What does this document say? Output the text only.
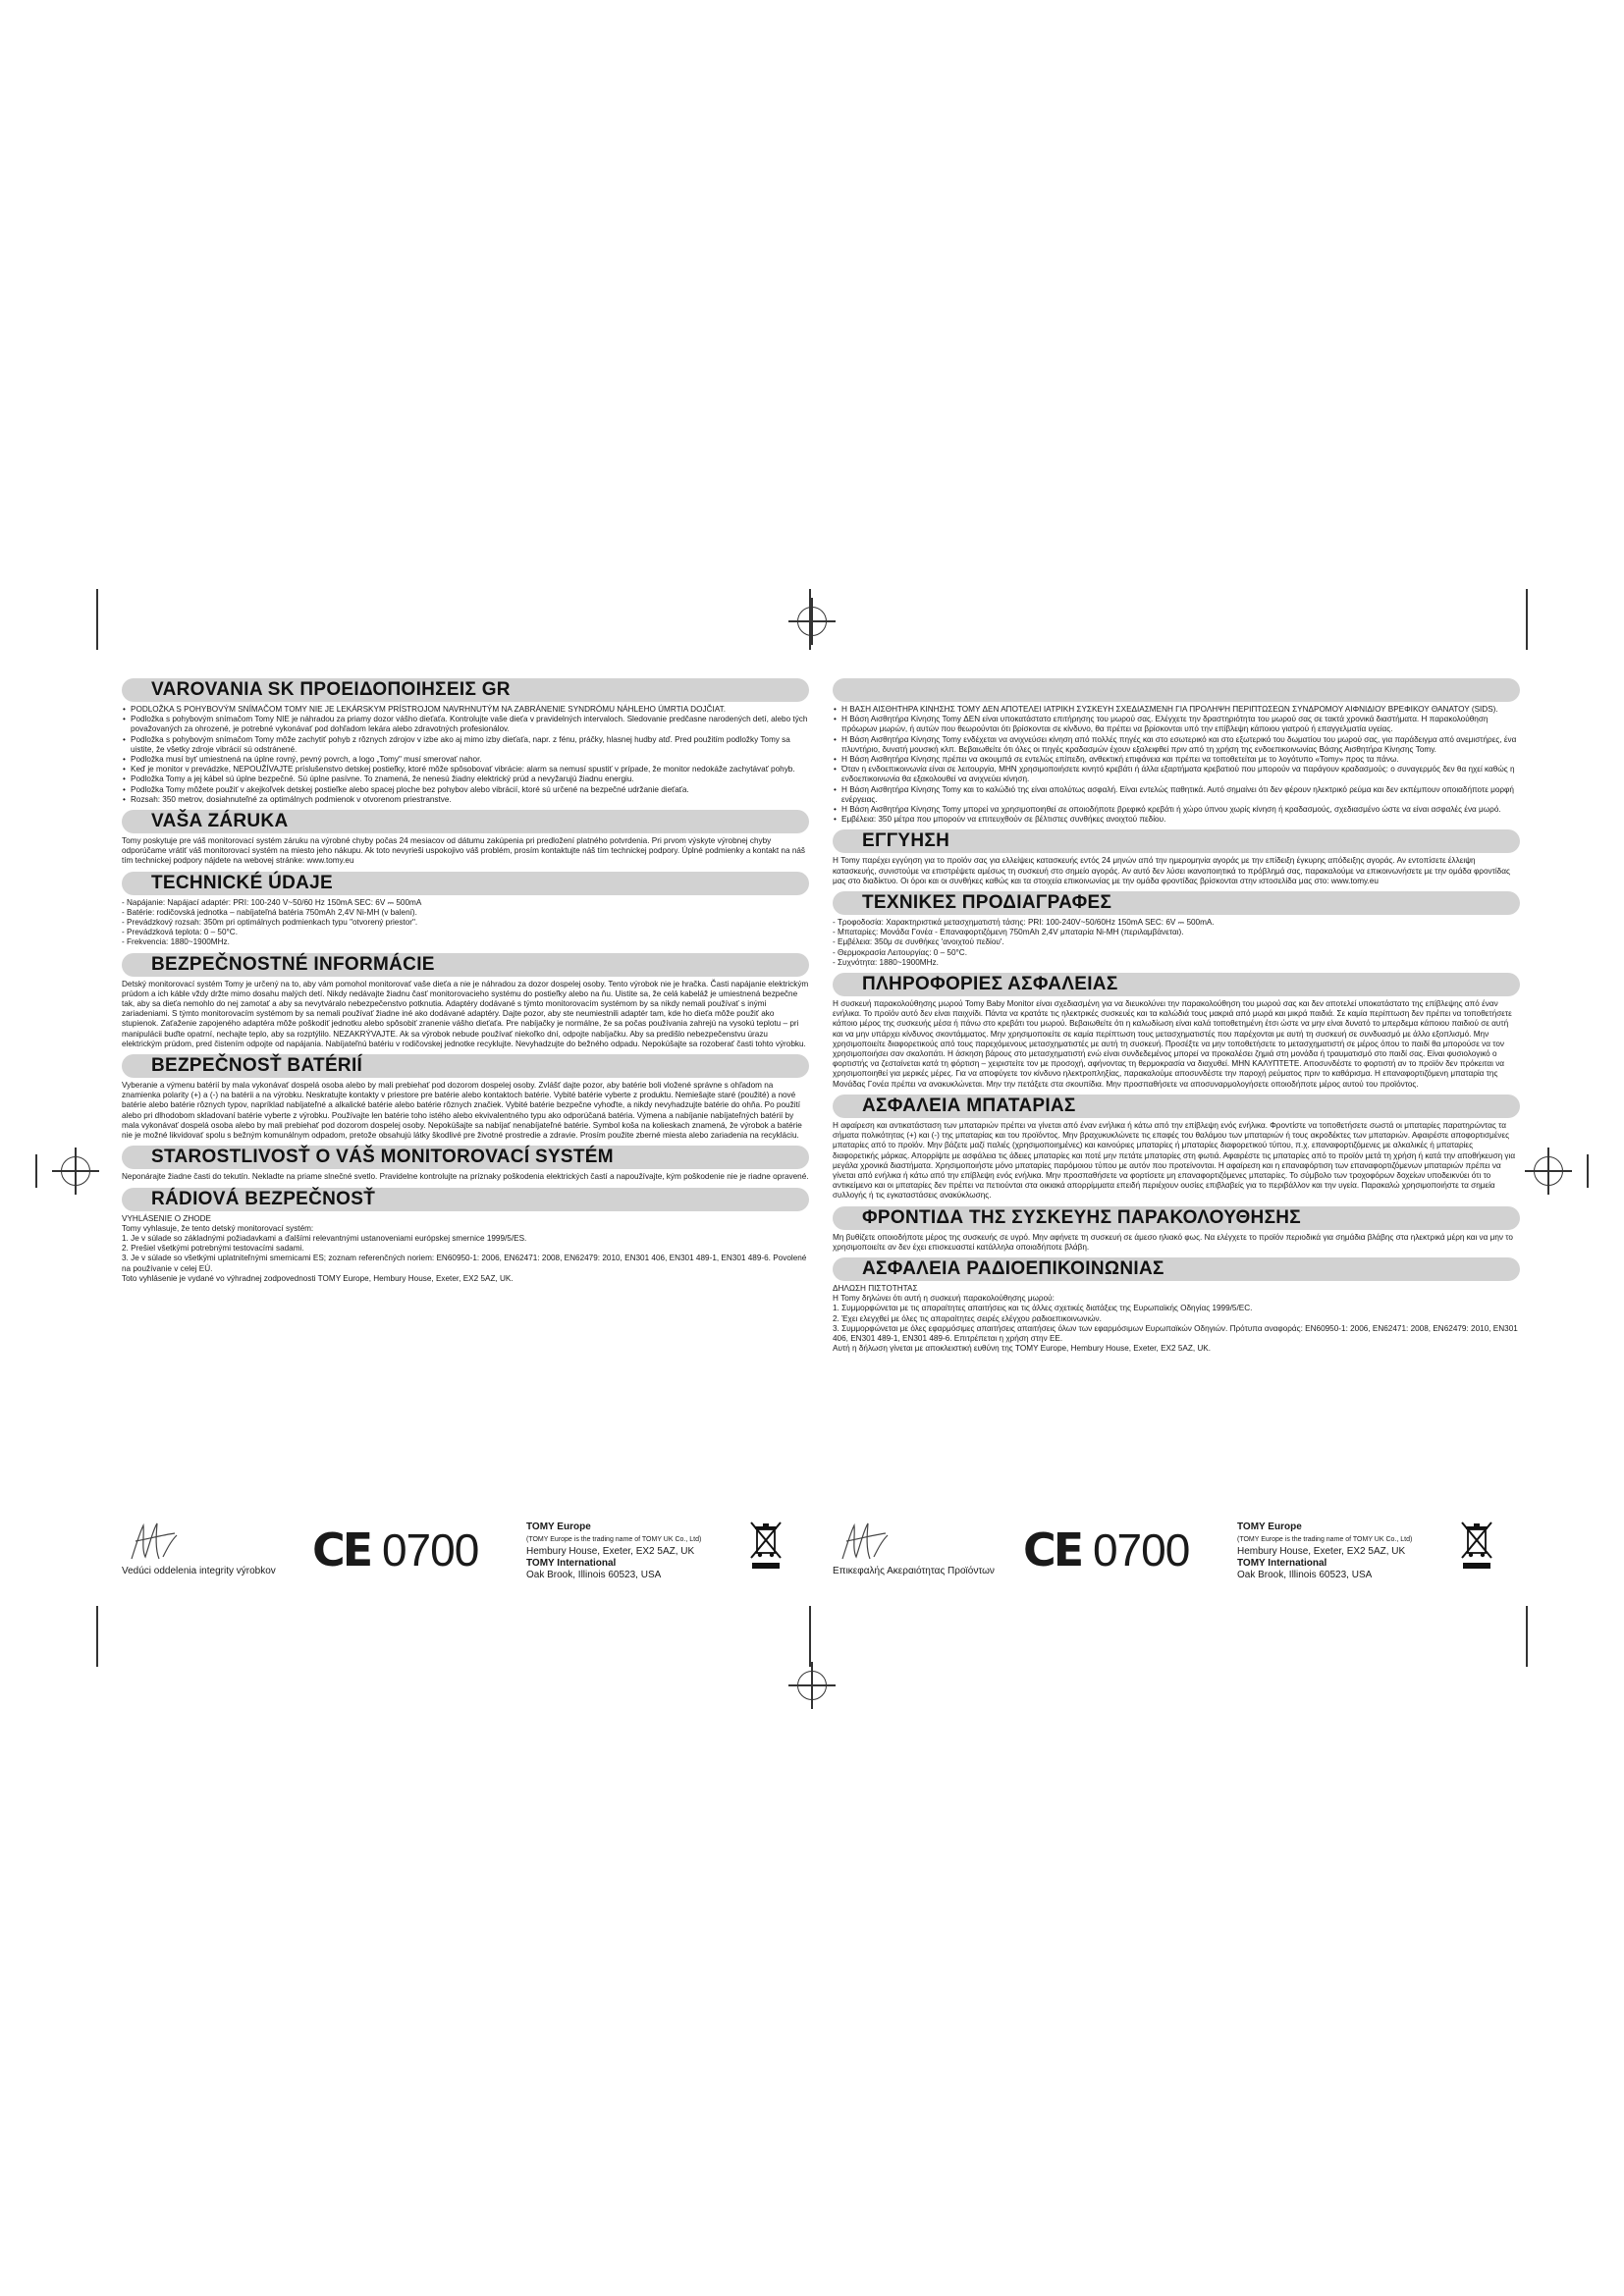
VAROVANIA SK ΠΡΟΕΙΔΟΠΟΙΗΣΕΙΣ GR
• PODLOŽKA S POHYBOVÝM SNÍMAČOM TOMY NIE JE LEKÁRSKYM PRÍSTROJOM NAVRHNUTÝM NA ZABRÁNENIE SYNDRÓMU NÁHLEHO ÚMRTIA DOJČIAT.
• Podložka s pohybovým snímačom Tomy NIE je náhradou za priamy dozor vášho dieťaťa. Kontrolujte vaše dieťa v pravidelných intervaloch. Sledovanie predčasne narodených detí, alebo tých považovaných za ohrozené, je potrebné vykonávať pod dohľadom lekára alebo zdravotných profesionálov.
• Podložka s pohybovým snímačom Tomy môže zachytiť pohyb z rôznych zdrojov v izbe ako aj mimo izby dieťaťa, napr. z fénu, práčky, hlasnej hudby atď. Pred použitím podložky Tomy sa uistite, že všetky zdroje vibrácií sú odstránené.
• Podložka musí byť umiestnená na úplne rovný, pevný povrch, a logo „Tomy" musí smerovať nahor.
• Keď je monitor v prevádzke, NEPOUŽÍVAJTE príslušenstvo detskej postieľky, ktoré môže spôsobovať vibrácie: alarm sa nemusí spustiť v prípade, že monitor nedokáže zachytávať pohyb.
• Podložka Tomy a jej kábel sú úplne bezpečné. Sú úplne pasívne. To znamená, že nenesú žiadny elektrický prúd a nevyžarujú žiadnu energiu.
• Podložka Tomy môžete použiť v akejkoľvek detskej postieľke alebo spacej ploche bez pohybov alebo vibrácií, ktoré sú určené na bezpečné udržanie dieťaťa.
• Rozsah: 350 metrov, dosiahnuteľné za optimálnych podmienok v otvorenom priestranstve.
VAŠA ZÁRUKA
Tomy poskytuje pre váš monitorovací systém záruku na výrobné chyby počas 24 mesiacov od dátumu zakúpenia pri predložení platného potvrdenia. Pri prvom výskyte výrobnej chyby odporúčame vrátiť váš monitorovací systém na miesto jeho nákupu. Ak toto nevyrieši uspokojivo váš problém, prosím kontaktujte náš tím technickej podpory. Úplné podmienky a kontakt na náš tím technickej podpory nájdete na webovej stránke: www.tomy.eu
TECHNICKÉ ÚDAJE

- Napájanie: Napájací adaptér: PRI: 100-240 V~50/60 Hz 150mA SEC: 6V ⎓ 500mA

- Batérie: rodičovská jednotka – nabíjateľná batéria 750mAh 2,4V Ni-MH (v balení).

- Prevádzkový rozsah: 350m pri optimálnych podmienkach typu "otvorený priestor".

- Prevádzková teplota: 0 – 50°C.

- Frekvencia: 1880~1900MHz.

BEZPEČNOSTNÉ INFORMÁCIE
Detský monitorovací systém Tomy je určený na to, aby vám pomohol monitorovať vaše dieťa a nie je náhradou za dozor dospelej osoby. Tento výrobok nie je hračka. Časti napájanie elektrickým prúdom a ich káble vždy držte mimo dosahu malých detí. Nikdy nedávajte žiadnu časť monitorovacieho systému do postieľky alebo na ňu. Uistite sa, že celá kabeláž je umiestnená bezpečne tak, aby sa dieťa nemohlo do nej zamotať a aby sa nevytváralo nebezpečenstvo potknutia. Adaptéry dodávané s týmto monitorovacím systémom by sa nikdy nemali používať s inými zariadeniami. S týmto monitorovacím systémom by sa nemali používať žiadne iné ako dodávané adaptéry. Dajte pozor, aby ste neumiestnili adaptér tam, kde ho dieťa môže použiť ako stupienok. Zaťaženie zapojeného adaptéra môže poškodiť jednotku alebo spôsobiť zranenie vášho dieťaťa. Pre nabíjačky je normálne, že sa počas používania zahrejú na vysokú teplotu – pri manipulácii buďte opatrní, nechajte teplo, aby sa rozptýlilo. NEZAKRÝVAJTE. Ak sa výrobok nebude používať niekoľko dní, odpojte nabíjačku. Aby sa predišlo nebezpečenstvu úrazu elektrickým prúdom, pred čistením odpojte od napájania. Nabíjateľnú batériu v rodičovskej jednotke recyklujte. Nevyhadzujte do bežného odpadu. Nepokúšajte sa rozoberať časti tohto výrobku.
BEZPEČNOSŤ BATÉRIÍ
Vyberanie a výmenu batérií by mala vykonávať dospelá osoba alebo by mali prebiehať pod dozorom dospelej osoby. Zvlášť dajte pozor, aby batérie boli vložené správne s ohľadom na znamienka polarity (+) a (-) na batérii a na výrobku. Neskratujte kontakty v priestore pre batérie alebo kontaktoch batérie. Vybité batérie vyberte z produktu. Nemiešajte staré (použité) a nové batérie alebo batérie rôznych typov, napríklad nabíjateľné a alkalické batérie alebo batérie rôznych značiek. Vybité batérie bezpečne vyhoďte, a nikdy nevyhadzujte batérie do ohňa. Po použití alebo pri dlhodobom skladovaní batérie vyberte z výrobku. Používajte len batérie toho istého alebo ekvivalentného typu ako odporúčaná batéria. Výmena a nabíjanie nabíjateľných batérií by mala vykonávať dospelá osoba alebo by mali prebiehať pod dozorom dospelej osoby. Nepokúšajte sa nabíjať nenabíjateľné batérie. Symbol koša na kolieskach znamená, že výrobok a batérie nie je možné likvidovať spolu s bežným komunálnym odpadom, pretože obsahujú látky škodlivé pre životné prostredie a zdravie. Prosím použite zberné miesta alebo zariadenia na recykláciu.
STAROSTLIVOSŤ O VÁŠ MONITOROVACÍ SYSTÉM
Neponárajte žiadne časti do tekutín. Nekladte na priame slnečné svetlo. Pravidelne kontrolujte na príznaky poškodenia elektrických častí a napoužívajte, kým poškodenie nie je riadne opravené.
RÁDIOVÁ BEZPEČNOSŤ

VYHLÁSENIE O ZHODE

Tomy vyhlasuje, že tento detský monitorovací systém:

1. Je v súlade so základnými požiadavkami a ďalšími relevantnými ustanoveniami európskej smernice 1999/5/ES.

2. Prešiel všetkými potrebnými testovacími sadami.

3. Je v súlade so všetkými uplatniteľnými smernicami ES; zoznam referenčných noriem: EN60950-1: 2006, EN62471: 2008, EN62479: 2010, EN301 406, EN301 489-1, EN301 489-6. Povolené na používanie v celej EÚ.

Toto vyhlásenie je vydané vo výhradnej zodpovednosti TOMY Europe, Hembury House, Exeter, EX2 5AZ, UK.

• Η ΒΑΣΗ ΑΙΣΘΗΤΗΡΑ ΚΙΝΗΣΗΣ TOMY ΔΕΝ ΑΠΟΤΕΛΕΙ ΙΑΤΡΙΚΗ ΣΥΣΚΕΥΗ ΣΧΕΔΙΑΣΜΕΝΗ ΓΙΑ ΠΡΟΛΗΨΗ ΠΕΡΙΠΤΩΣΕΩΝ ΣΥΝΔΡΟΜΟΥ ΑΙΦΝΙΔΙΟΥ ΒΡΕΦΙΚΟΥ ΘΑΝΑΤΟΥ (SIDS).
• Η Βάση Αισθητήρα Κίνησης Tomy ΔΕΝ είναι υποκατάστατο επιτήρησης του μωρού σας. Ελέγχετε την δραστηριότητα του μωρού σας σε τακτά χρονικά διαστήματα. Η παρακολούθηση πρόωρων μωρών, ή αυτών που θεωρούνται ότι βρίσκονται σε κίνδυνο, θα πρέπει να βρίσκονται υπό την επίβλεψη κάποιου γιατρού ή επαγγελματία υγείας.
• Η Βάση Αισθητήρα Κίνησης Tomy ενδέχεται να ανιχνεύσει κίνηση από πολλές πηγές και στο εσωτερικό και στο εξωτερικό του δωματίου του μωρού σας, για παράδειγμα από ανεμιστήρες, ένα πλυντήριο, δυνατή μουσική κλπ. Βεβαιωθείτε ότι όλες οι πηγές κραδασμών έχουν εξαλειφθεί πριν από τη χρήση της ενδοεπικοινωνίας Βάσης Αισθητήρα Κίνησης Tomy.
• Η Βάση Αισθητήρα Κίνησης πρέπει να ακουμπά σε εντελώς επίπεδη, ανθεκτική επιφάνεια και πρέπει να τοποθετείται με το λογότυπο «Tomy» προς τα πάνω.
• Όταν η ενδοεπικοινωνία είναι σε λειτουργία, ΜΗΝ χρησιμοποιήσετε κινητό κρεβάτι ή άλλα εξαρτήματα κρεβατιού που μπορούν να παράγουν κραδασμούς: ο συναγερμός δεν θα ηχεί καθώς η ενδοεπικοινωνία θα εξακολουθεί να ανιχνεύει κίνηση.
• Η Βάση Αισθητήρα Κίνησης Tomy και το καλώδιό της είναι απολύτως ασφαλή. Είναι εντελώς παθητικά. Αυτό σημαίνει ότι δεν φέρουν ηλεκτρικό ρεύμα και δεν εκπέμπουν οποιαδήποτε μορφή ενέργειας.
• Η Βάση Αισθητήρα Κίνησης Tomy μπορεί να χρησιμοποιηθεί σε οποιοδήποτε βρεφικό κρεβάτι ή χώρο ύπνου χωρίς κίνηση ή κραδασμούς, σχεδιασμένο ώστε να είναι ασφαλές ένα μωρό.
• Εμβέλεια: 350 μέτρα που μπορούν να επιτευχθούν σε βέλτιστες συνθήκες ανοιχτού πεδίου.
ΕΓΓΥΗΣΗ
Η Tomy παρέχει εγγύηση για το προϊόν σας για ελλείψεις κατασκευής εντός 24 μηνών από την ημερομηνία αγοράς με την επίδειξη έγκυρης απόδειξης αγοράς. Αν εντοπίσετε έλλειψη κατασκευής, συνιστούμε να επιστρέψετε αμέσως τη συσκευή στο σημείο αγοράς. Αν αυτό δεν λύσει ικανοποιητικά το πρόβλημά σας, παρακαλούμε να επικοινωνήσετε με την ομάδα φροντίδας μας στο διαδίκτυο. Οι όροι και οι συνθήκες καθώς και τα στοιχεία επικοινωνίας με την ομάδα φροντίδας βρίσκονται στην ιστοσελίδα μας στο: www.tomy.eu
ΤΕΧΝΙΚΕΣ ΠΡΟΔΙΑΓΡΑΦΕΣ

- Τροφοδοσία: Χαρακτηριστικά μετασχηματιστή τάσης: PRI: 100-240V~50/60Hz 150mA SEC: 6V ⎓ 500mA.

- Μπαταρίες: Μονάδα Γονέα - Επαναφορτιζόμενη 750mAh 2,4V μπαταρία Ni-MH (περιλαμβάνεται).

- Εμβέλεια: 350μ σε συνθήκες 'ανοιχτού πεδίου'.

- Θερμοκρασία Λειτουργίας: 0 – 50°C.

- Συχνότητα: 1880~1900MHz.

ΠΛΗΡΟΦΟΡΙΕΣ ΑΣΦΑΛΕΙΑΣ
Η συσκευή παρακολούθησης μωρού Tomy Baby Monitor είναι σχεδιασμένη για να διευκολύνει την παρακολούθηση του μωρού σας και δεν αποτελεί υποκατάστατο της επίβλεψης από έναν ενήλικα. Το προϊόν αυτό δεν είναι παιχνίδι. Πάντα να κρατάτε τις ηλεκτρικές συσκευές και τα καλώδιά τους μακριά από μωρά και μικρά παιδιά. Σε καμία περίπτωση δεν πρέπει να τοποθετήσετε κάποιο μέρος της συσκευής μέσα ή πάνω στο κρεβάτι του μωρού. Βεβαιωθείτε ότι η καλωδίωση είναι καλά τοποθετημένη έτσι ώστε να μην είναι δυνατό το μπερδεμα κάποιου παιδιού σε αυτή και να μην υπάρχει κίνδυνος σκοντάμματος. Μην χρησιμοποιείτε σε καμία περίπτωση τους μετασχηματιστές που παρέχονται με αυτή τη συσκευή σε συνδυασμό με άλλο εξοπλισμό. Μην χρησιμοποιείτε διαφορετικούς από τους παρεχόμενους μετασχηματιστές με αυτή τη συσκευή. Προσέξτε να μην τοποθετήσετε το μετασχηματιστή σε μέρος όπου το παιδί θα μπορούσε να τον χρησιμοποιήσει σαν σκαλοπάτι. Η άσκηση βάρους στο μετασχηματιστή ενώ είναι συνδεδεμένος μπορεί να προκαλέσει ζημιά στη μονάδα ή τραυματισμό στο παιδί σας. Είναι φυσιολογικό ο φορτιστής να ζεσταίνεται κατά τη φόρτιση – χειριστείτε τον με προσοχή, αφήνοντας τη θερμοκρασία να διαχυθεί. ΜΗΝ ΚΑΛΥΠΤΕΤΕ. Αποσυνδέστε το φορτιστή αν το προϊόν δεν πρόκειται να χρησιμοποιηθεί για μερικές μέρες. Για να αποφύγετε τον κίνδυνο ηλεκτροπληξίας, παρακαλούμε αποσυνδέστε την παροχή ρεύματος πριν το καθάρισμα. Η επαναφορτιζόμενη μπαταρία της Μονάδας Γονέα πρέπει να ανακυκλώνεται. Μην την πετάξετε στα σκουπίδια. Μην προσπαθήσετε να αποσυναρμολογήσετε οποιοδήποτε μέρος αυτού του προϊόντος.
ΑΣΦΑΛΕΙΑ ΜΠΑΤΑΡΙΑΣ
Η αφαίρεση και αντικατάσταση των μπαταριών πρέπει να γίνεται από έναν ενήλικα ή κάτω από την επίβλεψη ενός ενήλικα. Φροντίστε να τοποθετήσετε σωστά οι μπαταρίες παρατηρώντας τα σήματα πολικότητας (+) και (-) της μπαταρίας και του προϊόντος. Μην βραχυκυκλώνετε τις επαφές του θαλάμου των μπαταριών ή τους ακροδέκτες των μπαταριών. Αφαιρέστε αποφορτισμένες μπαταρίες από το προϊόν. Μην βάζετε μαζί παλιές (χρησιμοποιημένες) και καινούριες μπαταρίες ή μπαταρίες διαφορετικού τύπου, π.χ. επαναφορτιζόμενες με αλκαλικές ή μπαταρίες διαφορετικής μάρκας. Απορρίψτε με ασφάλεια τις άδειες μπαταρίες και ποτέ μην πετάτε μπαταρίες στη φωτιά. Αφαιρέστε τις μπαταρίες από το προϊόν μετά τη χρήση ή κατά την αποθήκευση για μεγάλα χρονικά διαστήματα. Χρησιμοποιήστε μόνο μπαταρίες παρόμοιου τύπου με αυτόν που προτείνονται. Η αφαίρεση και η επαναφόρτιση των επαναφορτιζόμενων μπαταριών πρέπει να γίνεται από ενήλικα ή κάτω από την επίβλεψη ενός ενήλικα. Μην προσπαθήσετε να φορτίσετε μη επαναφορτιζόμενες μπαταρίες. Το σύμβολο των τροχοφόρων δοχείων υποδεικνύει ότι το αντικείμενο και οι μπαταρίες δεν πρέπει να πετιούνται στα οικιακά απορρίμματα επειδή περιέχουν ουσίες επιβλαβείς για το περιβάλλον και την υγεία. Παρακαλώ χρησιμοποιήστε τα σημεία συλλογής ή τις εγκαταστάσεις ανακύκλωσης.
ΦΡΟΝΤΙΔΑ ΤΗΣ ΣΥΣΚΕΥΗΣ ΠΑΡΑΚΟΛΟΥΘΗΣΗΣ
Μη βυθίζετε οποιοδήποτε μέρος της συσκευής σε υγρό. Μην αφήνετε τη συσκευή σε άμεσο ηλιακό φως. Να ελέγχετε το προϊόν περιοδικά για σημάδια βλάβης στα ηλεκτρικά μέρη και να μην το χρησιμοποιείτε αν δεν έχει επισκευαστεί κατάλληλα οποιαδήποτε βλάβη.
ΑΣΦΑΛΕΙΑ ΡΑΔΙΟΕΠΙΚΟΙΝΩΝΙΑΣ

ΔΗΛΩΣΗ ΠΙΣΤΟΤΗΤΑΣ

Η Tomy δηλώνει ότι αυτή η συσκευή παρακολούθησης μωρού:

1. Συμμορφώνεται με τις απαραίτητες απαιτήσεις και τις άλλες σχετικές διατάξεις της Ευρωπαϊκής Οδηγίας 1999/5/ΕC.

2. Έχει ελεγχθεί με όλες τις απαραίτητες σειρές ελέγχου ραδιοεπικοινωνιών.

3. Συμμορφώνεται με όλες εφαρμόσιμες απαιτήσεις απαιτήσεις όλων των εφαρμόσιμων Ευρωπαϊκών Οδηγιών. Πρότυπα αναφοράς: EN60950-1: 2006, EN62471: 2008, EN62479: 2010, EN301 406, EN301 489-1, EN301 489-6. Επιτρέπεται η χρήση στην ΕΕ.

Αυτή η δήλωση γίνεται με αποκλειστική ευθύνη της TOMY Europe, Hembury House, Exeter, EX2 5AZ, UK.

Vedúci oddelenia integrity výrobkov CE 0700	TOMY Europe
(TOMY Europe is the trading name of TOMY UK Co., Ltd)
Hembury House, Exeter, EX2 5AZ, UK
TOMY International
Oak Brook, Illinois 60523, USA	Επικεφαλής Ακεραιότητας Προϊόντων CE 0700	TOMY Europe
(TOMY Europe is the trading name of TOMY UK Co., Ltd)
Hembury House, Exeter, EX2 5AZ, UK
TOMY International
Oak Brook, Illinois 60523, USA
